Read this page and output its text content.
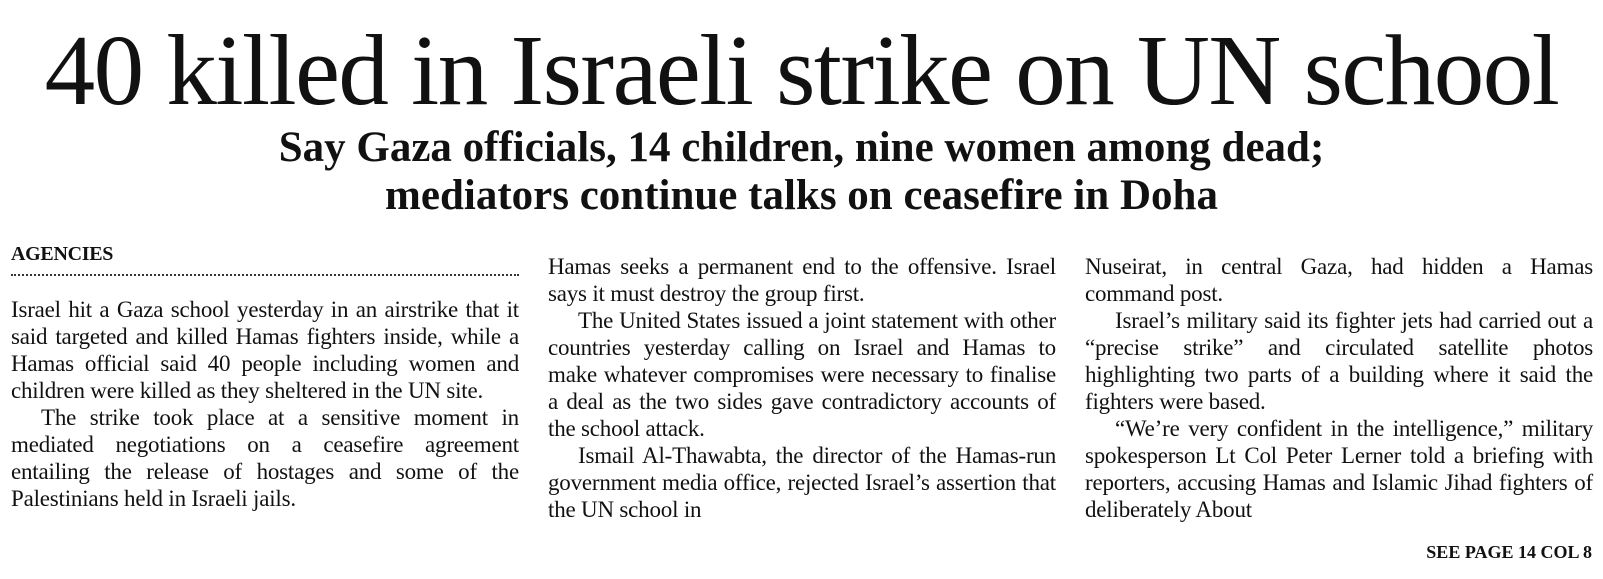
40 killed in Israeli strike on UN school
Say Gaza officials, 14 children, nine women among dead;
mediators continue talks on ceasefire in Doha
AGENCIES

Israel hit a Gaza school yesterday in an airstrike that it said targeted and killed Hamas fighters inside, while a Hamas official said 40 people including women and children were killed as they sheltered in the UN site.

The strike took place at a sensitive moment in mediated negotiations on a ceasefire agreement entailing the release of hostages and some of the Palestinians held in Israeli jails.

Hamas seeks a permanent end to the offensive. Israel says it must destroy the group first.

The United States issued a joint statement with other countries yesterday calling on Israel and Hamas to make whatever compromises were necessary to finalise a deal as the two sides gave contradictory accounts of the school attack.

Ismail Al-Thawabta, the director of the Hamas-run government media office, rejected Israel’s assertion that the UN school in

Nuseirat, in central Gaza, had hidden a Hamas command post.

Israel’s military said its fighter jets had carried out a “precise strike” and circulated satellite photos highlighting two parts of a building where it said the fighters were based.

“We’re very confident in the intelligence,” military spokesperson Lt Col Peter Lerner told a briefing with reporters, accusing Hamas and Islamic Jihad fighters of deliberately About

SEE PAGE 14 COL 8
